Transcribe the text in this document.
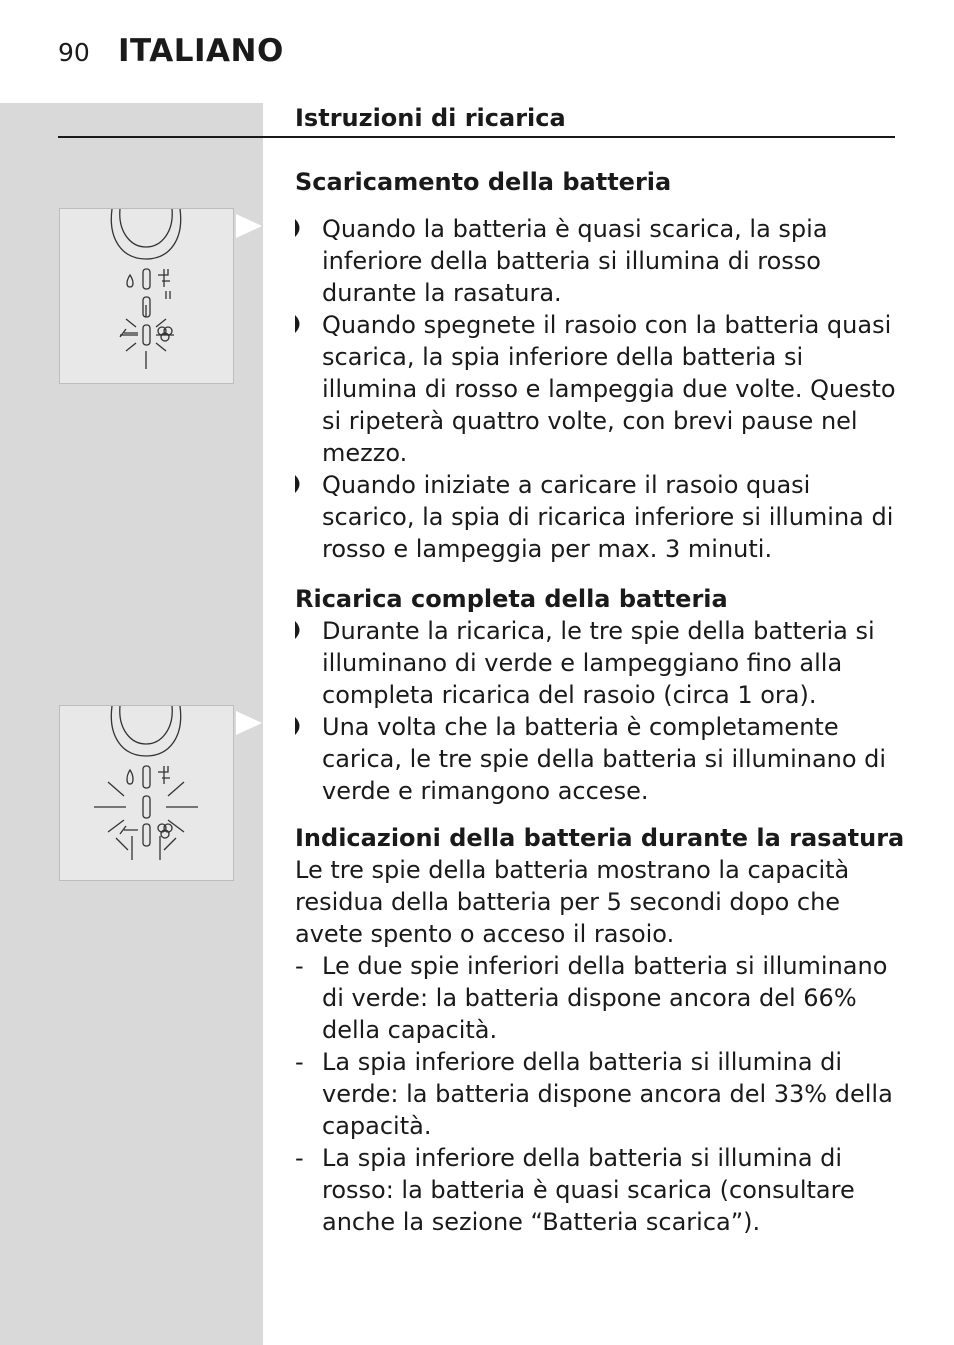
90 ITALIANO
Istruzioni di ricarica
Scaricamento della batteria
Quando la batteria è quasi scarica, la spia inferiore della batteria si illumina di rosso durante la rasatura.
Quando spegnete il rasoio con la batteria quasi scarica, la spia inferiore della batteria si illumina di rosso e lampeggia due volte. Questo si ripeterà quattro volte, con brevi pause nel mezzo.
Quando iniziate a caricare il rasoio quasi scarico, la spia di ricarica inferiore si illumina di rosso e lampeggia per max. 3 minuti.
Ricarica completa della batteria
Durante la ricarica, le tre spie della batteria si illuminano di verde e lampeggiano fino alla completa ricarica del rasoio (circa 1 ora).
Una volta che la batteria è completamente carica, le tre spie della batteria si illuminano di verde e rimangono accese.
Indicazioni della batteria durante la rasatura

Le tre spie della batteria mostrano la capacità residua della batteria per 5 secondi dopo che avete spento o acceso il rasoio.

- Le due spie inferiori della batteria si illuminano di verde: la batteria dispone ancora del 66% della capacità.
- La spia inferiore della batteria si illumina di verde: la batteria dispone ancora del 33% della capacità.
- La spia inferiore della batteria si illumina di rosso: la batteria è quasi scarica (consultare anche la sezione “Batteria scarica”).
